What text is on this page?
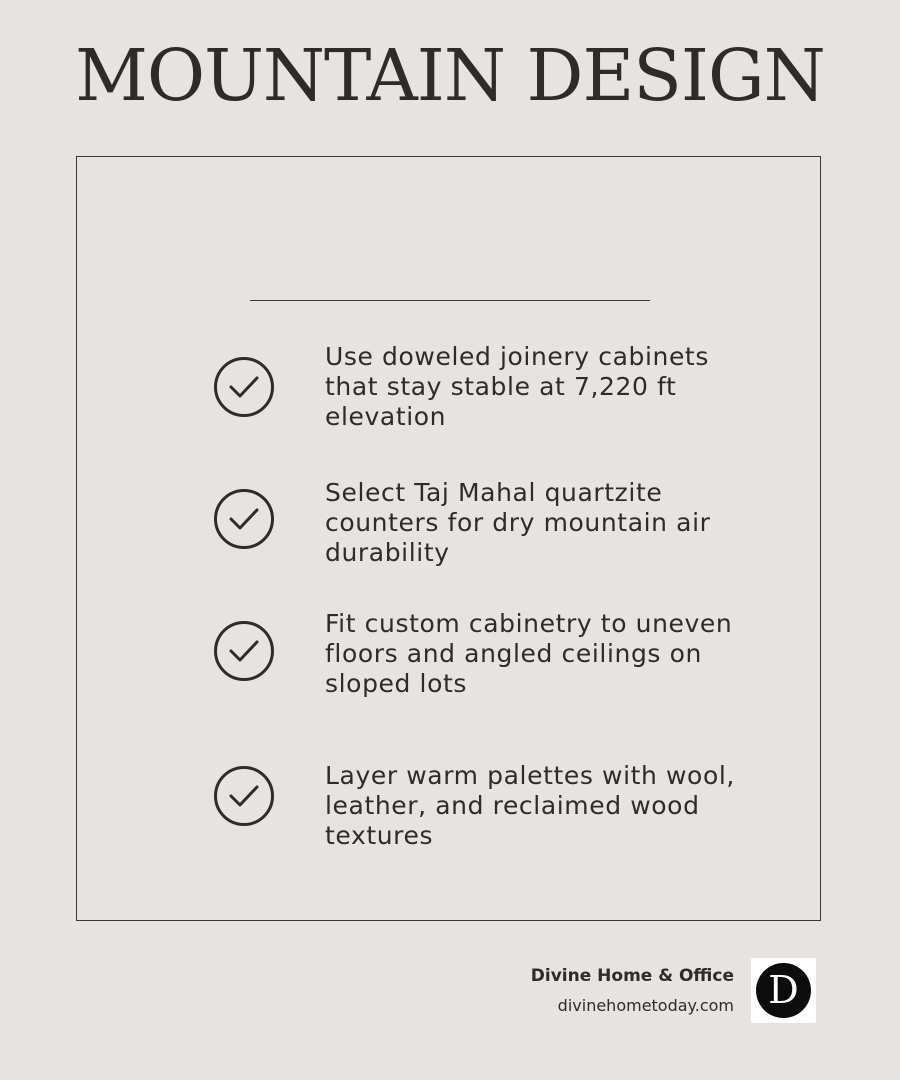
MOUNTAIN DESIGN
Use doweled joinery cabinets that stay stable at 7,220 ft elevation
Select Taj Mahal quartzite counters for dry mountain air durability
Fit custom cabinetry to uneven floors and angled ceilings on sloped lots
Layer warm palettes with wool, leather, and reclaimed wood textures
Divine Home & Office
divinehometoday.com D
